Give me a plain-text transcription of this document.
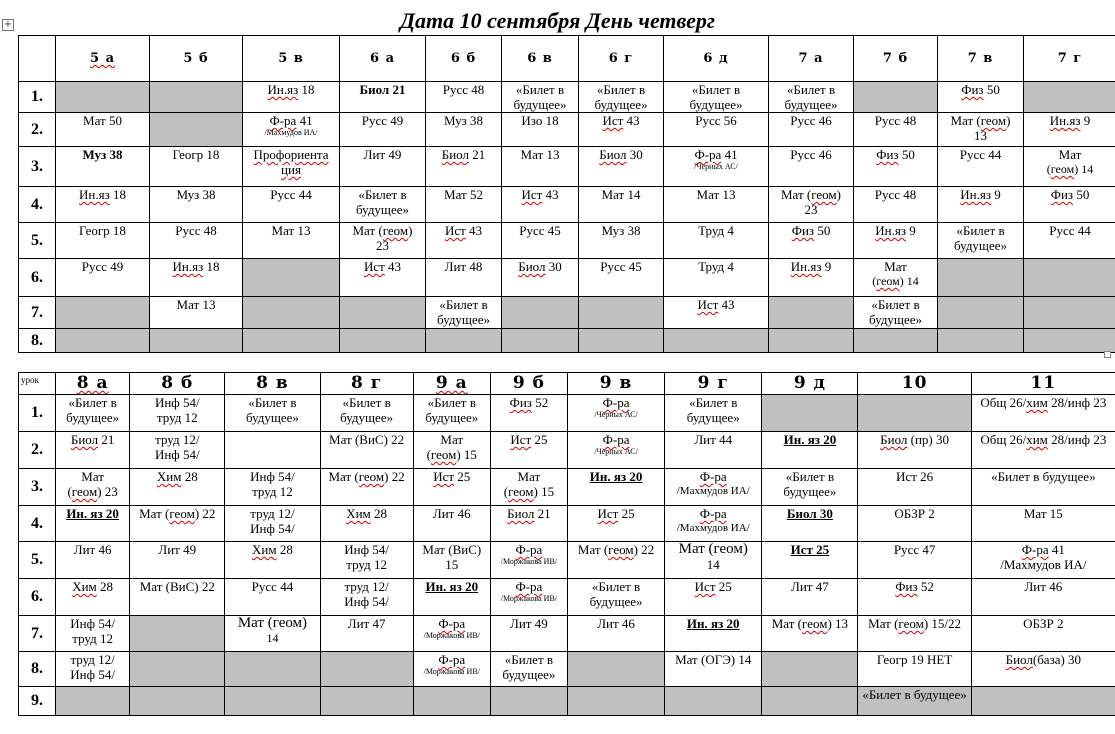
+	Дата 10 сентября День четверг
	5 а	5 б	5 в	6 а	6 б	6 в	6 г	6 д	7 а	7 б	7 в	7 г
1.			Ин.яз 18	Биол 21	Русс 48	«Билет в
будущее»	«Билет в
будущее»	«Билет в
будущее»	«Билет в
будущее»		Физ 50	
2.	Мат 50		Ф-ра 41
/Махмудов ИА/	Русс 49	Муз 38	Изо 18	Ист 43	Русс 56	Русс 46	Русс 48	Мат (геом)
13	Ин.яз 9
3.	Муз 38	Геогр 18	Профориента
ция	Лит 49	Биол 21	Мат 13	Биол 30	Ф-ра 41
/Черных АС/	Русс 46	Физ 50	Русс 44	Мат
(геом) 14

4.	Ин.яз 18	Муз 38	Русс 44	«Билет в
будущее»	Мат 52	Ист 43	Мат 14	Мат 13	Мат (геом)
23	Русс 48	Ин.яз 9	Физ 50
5.	Геогр 18	Русс 48	Мат 13	Мат (геом)
23	Ист 43	Русс 45	Муз 38	Труд 4	Физ 50	Ин.яз 9	«Билет в
будущее»	Русс 44
6.	Русс 49	Ин.яз 18		Ист 43	Лит 48	Биол 30	Русс 45	Труд 4	Ин.яз 9	Мат
(геом) 14		

7.		Мат 13			«Билет в
будущее»			Ист 43		«Билет в
будущее»		

8.												
урок	8 а	8 б	8 в	8 г	9 а	9 б	9 в	9 г	9 д	10	11
1.	«Билет в
будущее»	Инф 54/
труд 12	«Билет в
будущее»	«Билет в
будущее»	«Билет в
будущее»	Физ 52	Ф-ра
/Черных АС/	«Билет в
будущее»			Общ 26/хим 28/инф 23
2.	Биол 21	труд 12/
Инф 54/		Мат (ВиС) 22	Мат
(геом) 15	Ист 25	Ф-ра
/Черных АС/	Лит 44	Ин. яз 20	Биол (пр) 30	Общ 26/хим 28/инф 23
3.	Мат
(геом) 23	Хим 28	Инф 54/
труд 12	Мат (геом) 22	Ист 25	Мат
(геом) 15	Ин. яз 20	Ф-ра
/Махмудов ИА/	«Билет в
будущее»	Ист 26	«Билет в будущее»
4.	Ин. яз 20	Мат (геом) 22	труд 12/
Инф 54/	Хим 28	Лит 46	Биол 21	Ист 25	Ф-ра
/Махмудов ИА/	Биол 30	ОБЗР 2	Мат 15
5.	Лит 46	Лит 49	Хим 28	Инф 54/
труд 12	Мат (ВиС)
15	Ф-ра
/Моржакова ИВ/	Мат (геом) 22	Мат (геом)
14	Ист 25	Русс 47	Ф-ра 41
/Махмудов ИА/

6.	Хим 28	Мат (ВиС) 22	Русс 44	труд 12/
Инф 54/	Ин. яз 20	Ф-ра
/Моржакова ИВ/	«Билет в
будущее»	Ист 25	Лит 47	Физ 52	Лит 46
7.	Инф 54/
труд 12		Мат (геом)
14	Лит 47	Ф-ра
/Моржакова ИВ/	Лит 49	Лит 46	Ин. яз 20	Мат (геом) 13	Мат (геом) 15/22	ОБЗР 2
8.	труд 12/
Инф 54/				Ф-ра
/Моржакова ИВ/	«Билет в
будущее»		Мат (ОГЭ) 14		Геогр 19 НЕТ	Биол(база) 30
9.										«Билет в будущее»	
